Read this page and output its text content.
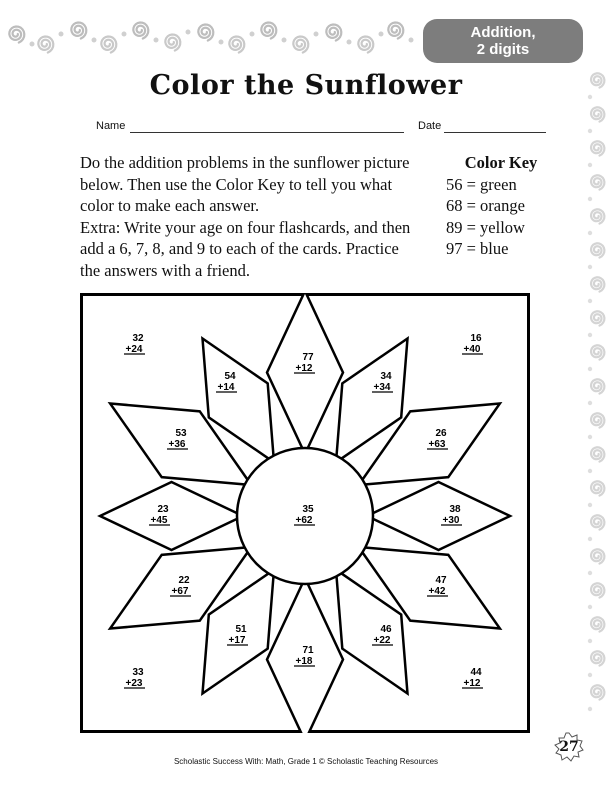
Addition,
2 digits
Color the Sunflower
Name	Date
Do the addition problems in the sunflower picture
below. Then use the Color Key to tell you what
color to make each answer.
Extra: Write your age on four flashcards, and then
add a 6, 7, 8, and 9 to each of the cards. Practice
the answers with a friend.
Color Key
56 = green
68 = orange
89 = yellow
97 = blue
77
+12
54
+14
34
+34
53
+36
26
+63
23
+45
35
+62
38
+30
22
+67
47
+42
51
+17
46
+22
71
+18
32
+24
16
+40
33
+23
44
+12
Scholastic Success With: Math, Grade 1 © Scholastic Teaching Resources
27
